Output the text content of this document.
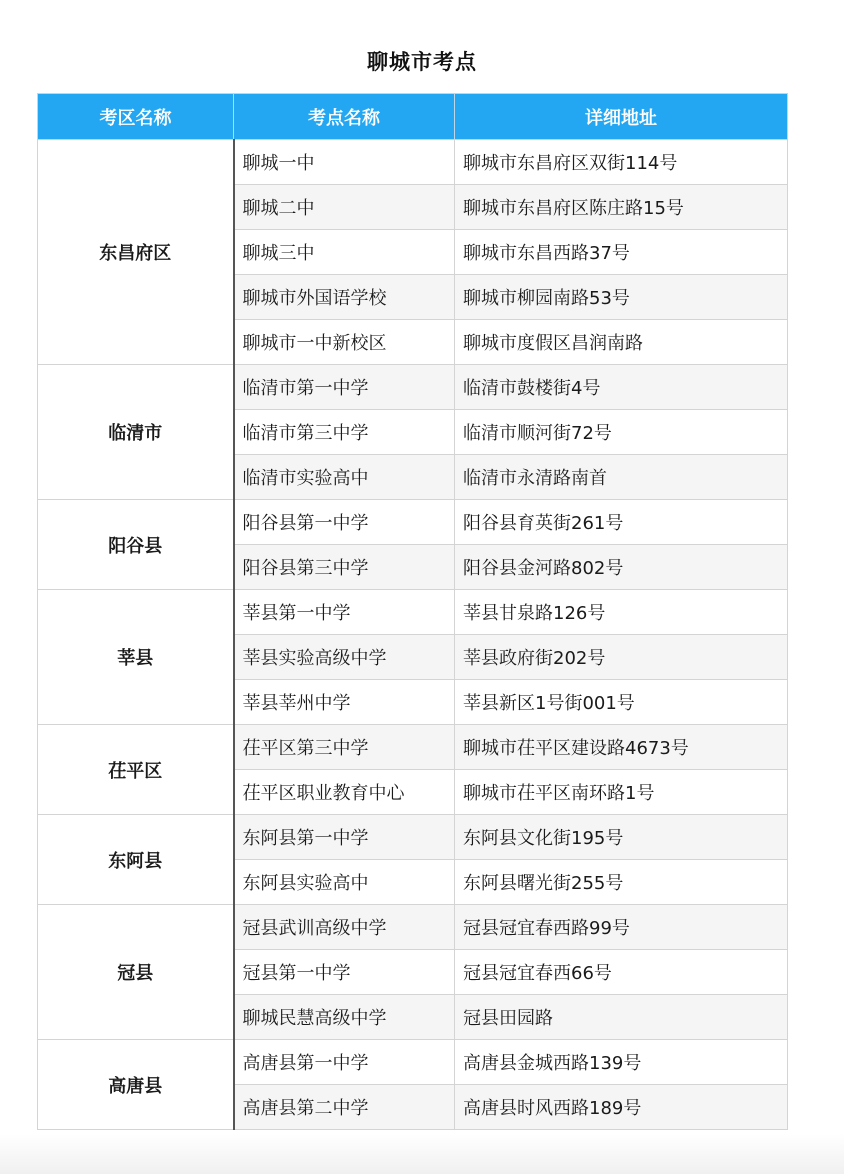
聊城市考点
考区名称	考点名称	详细地址
东昌府区	聊城一中	聊城市东昌府区双街114号
	聊城二中	聊城市东昌府区陈庄路15号
	聊城三中	聊城市东昌西路37号
	聊城市外国语学校	聊城市柳园南路53号
	聊城市一中新校区	聊城市度假区昌润南路
临清市	临清市第一中学	临清市鼓楼街4号
	临清市第三中学	临清市顺河街72号
	临清市实验高中	临清市永清路南首
阳谷县	阳谷县第一中学	阳谷县育英街261号
	阳谷县第三中学	阳谷县金河路802号
莘县	莘县第一中学	莘县甘泉路126号
	莘县实验高级中学	莘县政府街202号
	莘县莘州中学	莘县新区1号街001号
茌平区	茌平区第三中学	聊城市茌平区建设路4673号
	茌平区职业教育中心	聊城市茌平区南环路1号
东阿县	东阿县第一中学	东阿县文化街195号
	东阿县实验高中	东阿县曙光街255号
冠县	冠县武训高级中学	冠县冠宜春西路99号
	冠县第一中学	冠县冠宜春西66号
	聊城民慧高级中学	冠县田园路
高唐县	高唐县第一中学	高唐县金城西路139号
	高唐县第二中学	高唐县时风西路189号
